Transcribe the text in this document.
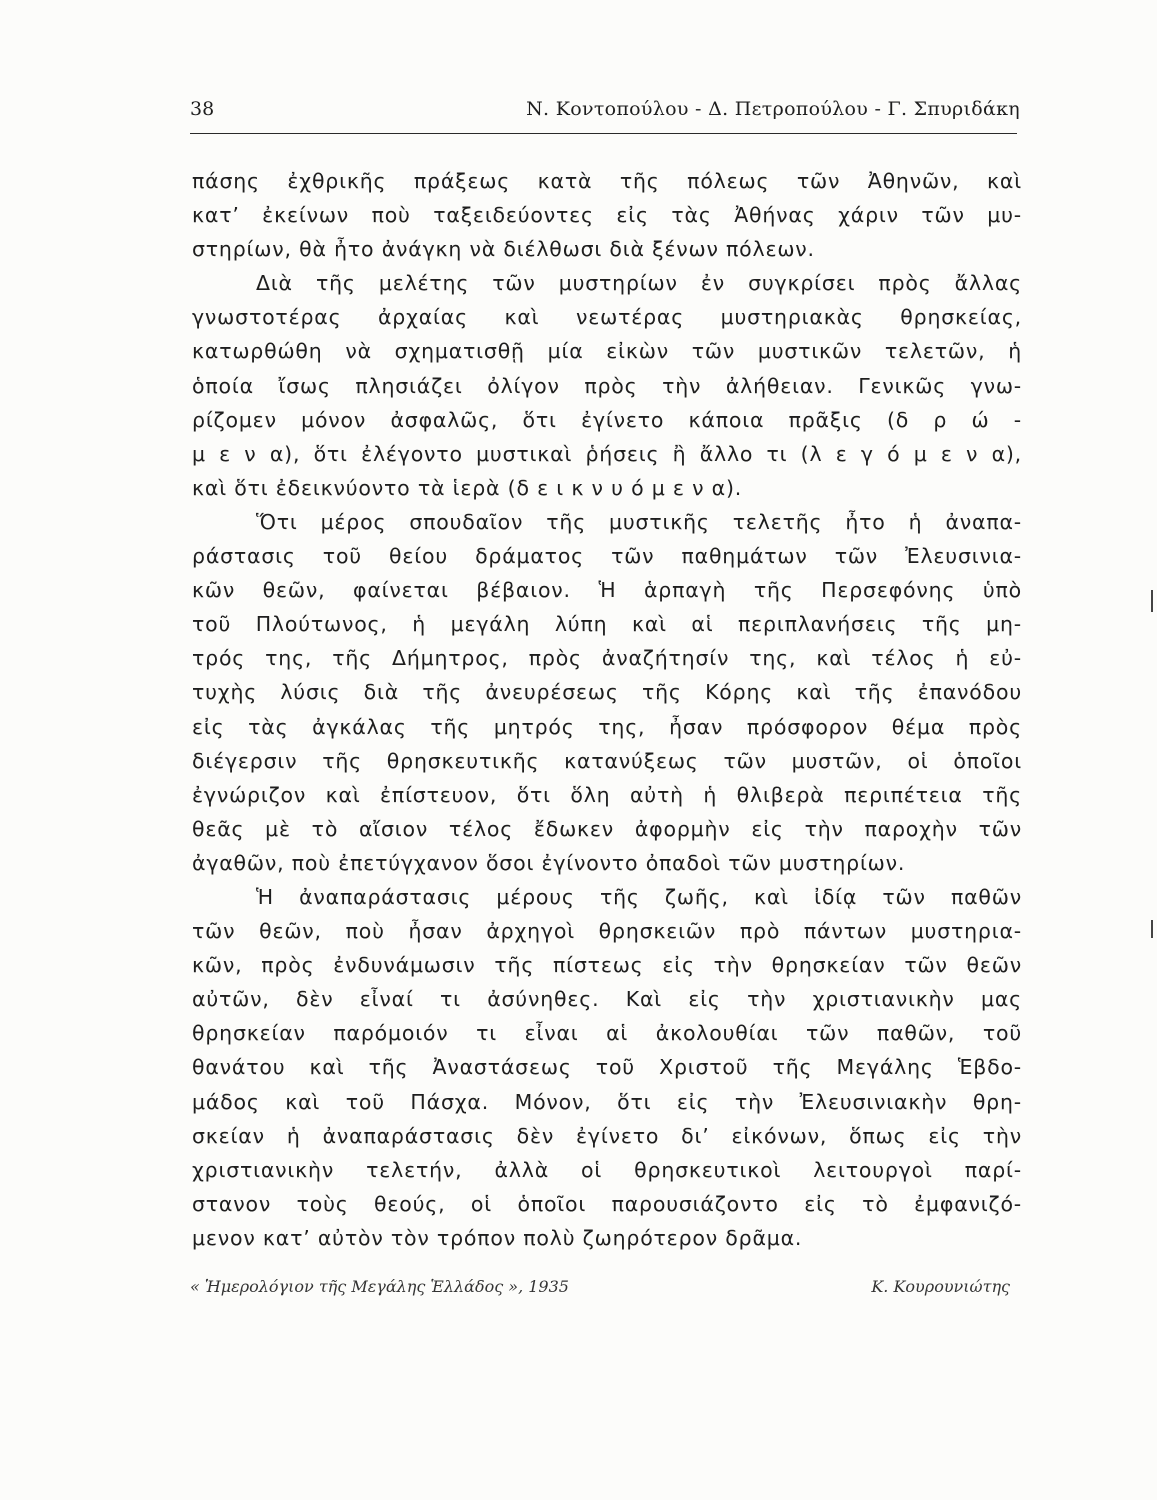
38	Ν. Κοντοπούλου - Δ. Πετροπούλου - Γ. Σπυριδάκη
πάσης ἐχθρικῆς πράξεως κατὰ τῆς πόλεως τῶν Ἀθηνῶν, καὶ
κατ’ ἐκείνων ποὺ ταξειδεύοντες εἰς τὰς Ἀθήνας χάριν τῶν μυ-
στηρίων, θὰ ἦτο ἀνάγκη νὰ διέλθωσι διὰ ξένων πόλεων.
Διὰ τῆς μελέτης τῶν μυστηρίων ἐν συγκρίσει πρὸς ἄλλας
γνωστοτέρας ἀρχαίας καὶ νεωτέρας μυστηριακὰς θρησκείας,
κατωρθώθη νὰ σχηματισθῇ μία εἰκὼν τῶν μυστικῶν τελετῶν, ἡ
ὁποία ἴσως πλησιάζει ὀλίγον πρὸς τὴν ἀλήθειαν. Γενικῶς γνω-
ρίζομεν μόνον ἀσφαλῶς, ὅτι ἐγίνετο κάποια πρᾶξις (δ ρ ώ -
μ ε ν α), ὅτι ἐλέγοντο μυστικαὶ ῥήσεις ἢ ἄλλο τι (λ ε γ ό μ ε ν α),
καὶ ὅτι ἐδεικνύοντο τὰ ἱερὰ (δ ε ι κ ν υ ό μ ε ν α).
Ὅτι μέρος σπουδαῖον τῆς μυστικῆς τελετῆς ἦτο ἡ ἀναπα-
ράστασις τοῦ θείου δράματος τῶν παθημάτων τῶν Ἐλευσινια-
κῶν θεῶν, φαίνεται βέβαιον. Ἡ ἁρπαγὴ τῆς Περσεφόνης ὑπὸ
τοῦ Πλούτωνος, ἡ μεγάλη λύπη καὶ αἱ περιπλανήσεις τῆς μη-
τρός της, τῆς Δήμητρος, πρὸς ἀναζήτησίν της, καὶ τέλος ἡ εὐ-
τυχὴς λύσις διὰ τῆς ἀνευρέσεως τῆς Κόρης καὶ τῆς ἐπανόδου
εἰς τὰς ἀγκάλας τῆς μητρός της, ἦσαν πρόσφορον θέμα πρὸς
διέγερσιν τῆς θρησκευτικῆς κατανύξεως τῶν μυστῶν, οἱ ὁποῖοι
ἐγνώριζον καὶ ἐπίστευον, ὅτι ὅλη αὐτὴ ἡ θλιβερὰ περιπέτεια τῆς
θεᾶς μὲ τὸ αἴσιον τέλος ἔδωκεν ἀφορμὴν εἰς τὴν παροχὴν τῶν
ἀγαθῶν, ποὺ ἐπετύγχανον ὅσοι ἐγίνοντο ὀπαδοὶ τῶν μυστηρίων.
Ἡ ἀναπαράστασις μέρους τῆς ζωῆς, καὶ ἰδίᾳ τῶν παθῶν
τῶν θεῶν, ποὺ ἦσαν ἀρχηγοὶ θρησκειῶν πρὸ πάντων μυστηρια-
κῶν, πρὸς ἐνδυνάμωσιν τῆς πίστεως εἰς τὴν θρησκείαν τῶν θεῶν
αὐτῶν, δὲν εἶναί τι ἀσύνηθες. Καὶ εἰς τὴν χριστιανικὴν μας
θρησκείαν παρόμοιόν τι εἶναι αἱ ἀκολουθίαι τῶν παθῶν, τοῦ
θανάτου καὶ τῆς Ἀναστάσεως τοῦ Χριστοῦ τῆς Μεγάλης Ἑβδο-
μάδος καὶ τοῦ Πάσχα. Μόνον, ὅτι εἰς τὴν Ἐλευσινιακὴν θρη-
σκείαν ἡ ἀναπαράστασις δὲν ἐγίνετο δι’ εἰκόνων, ὅπως εἰς τὴν
χριστιανικὴν τελετήν, ἀλλὰ οἱ θρησκευτικοὶ λειτουργοὶ παρί-
στανον τοὺς θεούς, οἱ ὁποῖοι παρουσιάζοντο εἰς τὸ ἐμφανιζό-
μενον κατ’ αὐτὸν τὸν τρόπον πολὺ ζωηρότερον δρᾶμα.
« Ἡμερολόγιον τῆς Μεγάλης Ἑλλάδος », 1935	Κ. Κουρουνιώτης
